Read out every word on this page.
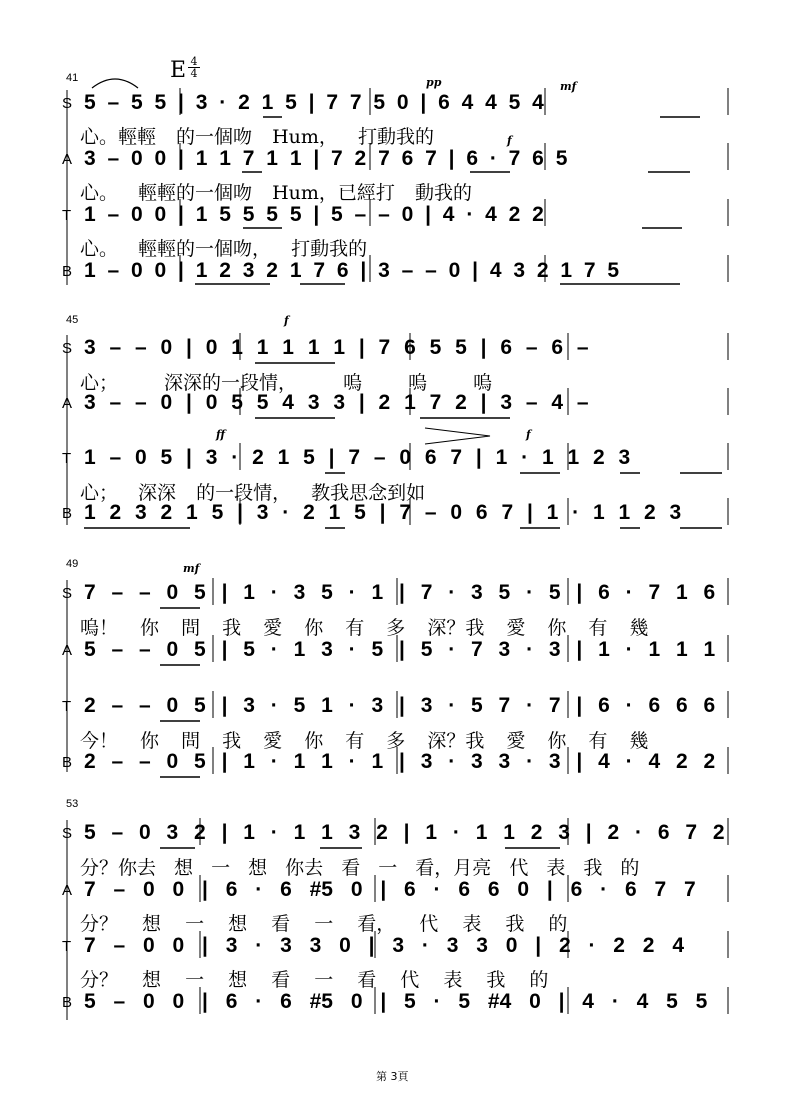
E $\frac{4}{4}$
41	pp	mf
f
S 5 – 5 5 | 3 · 2 1 5 | 7 7 5 0 | 6 4 4 5 4
心。輕輕 的一個吻 Hum， 打動我的
A 3 – 0 0 | 1 1 7 1 1 | 7 2 7 6 7 | 6 · 7 6 5
心。 輕輕的一個吻 Hum，已經打 動我的
T 1 – 0 0 | 1 5 5 5 5 | 5 – – 0 | 4 · 4 2 2
心。 輕輕的一個吻， 打動我的
B 1 – 0 0 | 1 2 3 2 1 7 6 | 3 – – 0 | 4 3 2 1 7 5
45	f
ff	f
S 3 – – 0 | 0 1 1 1 1 1 | 7 6 5 5 | 6 – 6 –
心； 深深的一段情， 嗚 嗚 嗚
A 3 – – 0 | 0 5 5 4 3 3 | 2 1 7 2 | 3 – 4 –
T 1 – 0 5 | 3 · 2 1 5 | 7 – 0 6 7 | 1 · 1 1 2 3
心； 深深 的一段情， 教我思念到如
B 1 2 3 2 1 5 | 3 · 2 1 5 | 7 – 0 6 7 | 1 · 1 1 2 3
49	mf
S 7 – – 0 5 | 1 · 3 5 · 1 | 7 · 3 5 · 5 | 6 · 7 1 6
嗚！ 你 問 我 愛 你 有 多 深？我 愛 你 有 幾
A 5 – – 0 5 | 5 · 1 3 · 5 | 5 · 7 3 · 3 | 1 · 1 1 1
T 2 – – 0 5 | 3 · 5 1 · 3 | 3 · 5 7 · 7 | 6 · 6 6 6
今！ 你 問 我 愛 你 有 多 深？我 愛 你 有 幾
B 2 – – 0 5 | 1 · 1 1 · 1 | 3 · 3 3 · 3 | 4 · 4 2 2
53
S 5 – 0 3 2 | 1 · 1 1 3 2 | 1 · 1 1 2 3 | 2 · 6 7 2
分？你去 想 一 想 你去 看 一 看，月亮 代 表 我 的
A 7 – 0 0 | 6 · 6 #5 0 | 6 · 6 6 0 | 6 · 6 7 7
分？ 想 一 想 看 一 看， 代 表 我 的
T 7 – 0 0 | 3 · 3 3 0 | 3 · 3 3 0 | 2 · 2 2 4
分？ 想 一 想 看 一 看 代 表 我 的
B 5 – 0 0 | 6 · 6 #5 0 | 5 · 5 #4 0 | 4 · 4 5 5
第 3頁
